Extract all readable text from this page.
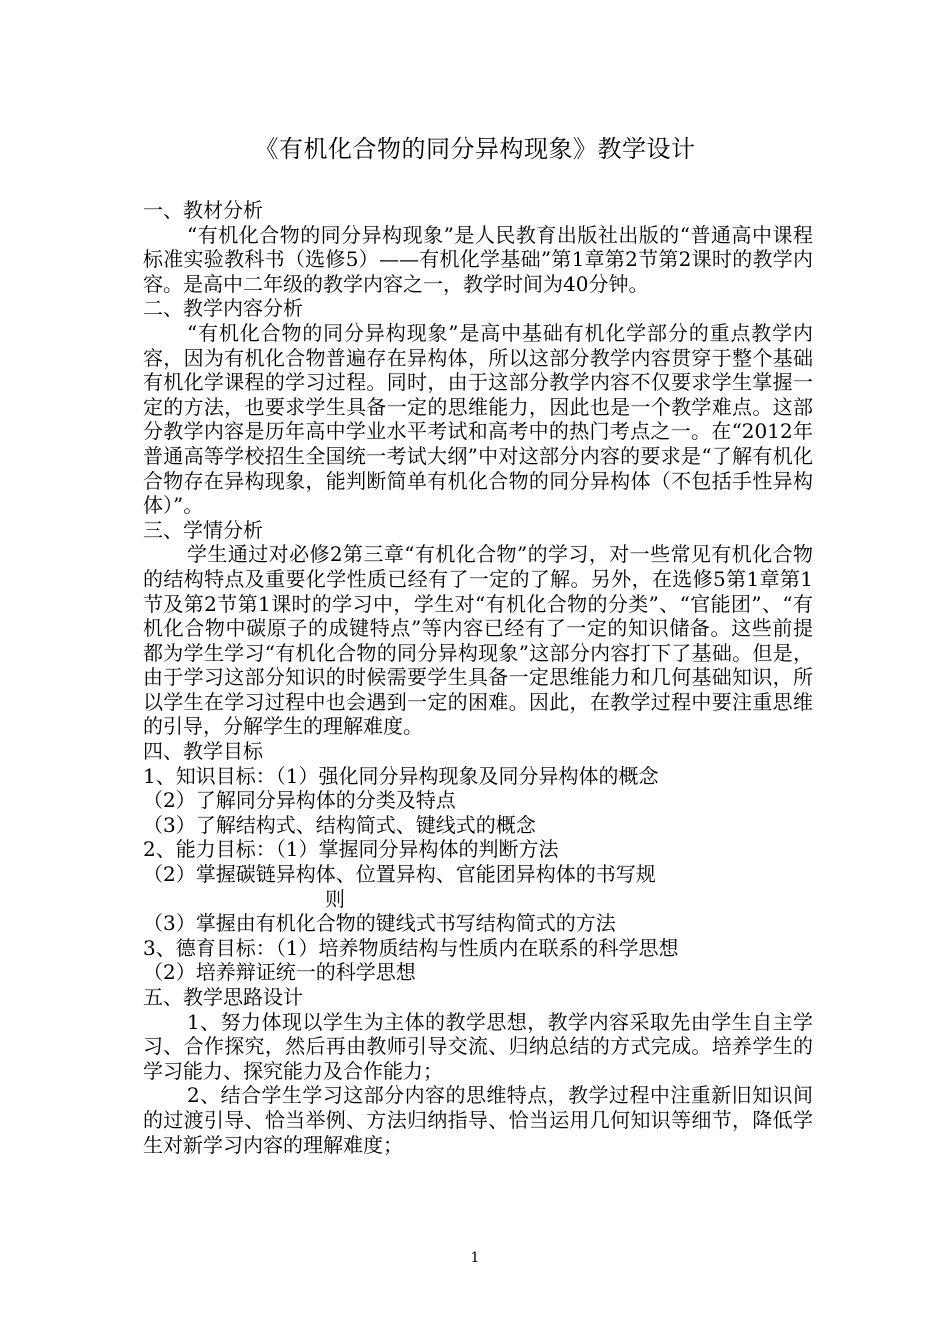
《有机化合物的同分异构现象》教学设计

一、教材分析

“有机化合物的同分异构现象”是人民教育出版社出版的“普通高中课程标准实验教科书（选修5）——有机化学基础”第1章第2节第2课时的教学内容。是高中二年级的教学内容之一，教学时间为40分钟。

二、教学内容分析

“有机化合物的同分异构现象”是高中基础有机化学部分的重点教学内容，因为有机化合物普遍存在异构体，所以这部分教学内容贯穿于整个基础有机化学课程的学习过程。同时，由于这部分教学内容不仅要求学生掌握一定的方法，也要求学生具备一定的思维能力，因此也是一个教学难点。这部分教学内容是历年高中学业水平考试和高考中的热门考点之一。在“2012年普通高等学校招生全国统一考试大纲”中对这部分内容的要求是“了解有机化合物存在异构现象，能判断简单有机化合物的同分异构体（不包括手性异构体）”。

三、学情分析

学生通过对必修2第三章“有机化合物”的学习，对一些常见有机化合物的结构特点及重要化学性质已经有了一定的了解。另外，在选修5第1章第1节及第2节第1课时的学习中，学生对“有机化合物的分类”、“官能团”、“有机化合物中碳原子的成键特点”等内容已经有了一定的知识储备。这些前提都为学生学习“有机化合物的同分异构现象”这部分内容打下了基础。但是，由于学习这部分知识的时候需要学生具备一定思维能力和几何基础知识，所以学生在学习过程中也会遇到一定的困难。因此，在教学过程中要注重思维的引导，分解学生的理解难度。

四、教学目标

1、知识目标：（1）强化同分异构现象及同分异构体的概念

（2）了解同分异构体的分类及特点

（3）了解结构式、结构简式、键线式的概念

2、能力目标：（1）掌握同分异构体的判断方法

（2）掌握碳链异构体、位置异构、官能团异构体的书写规
则

（3）掌握由有机化合物的键线式书写结构简式的方法

3、德育目标：（1）培养物质结构与性质内在联系的科学思想

（2）培养辩证统一的科学思想

五、教学思路设计

1、努力体现以学生为主体的教学思想，教学内容采取先由学生自主学习、合作探究，然后再由教师引导交流、归纳总结的方式完成。培养学生的学习能力、探究能力及合作能力；

2、结合学生学习这部分内容的思维特点，教学过程中注重新旧知识间的过渡引导、恰当举例、方法归纳指导、恰当运用几何知识等细节，降低学生对新学习内容的理解难度；

1
